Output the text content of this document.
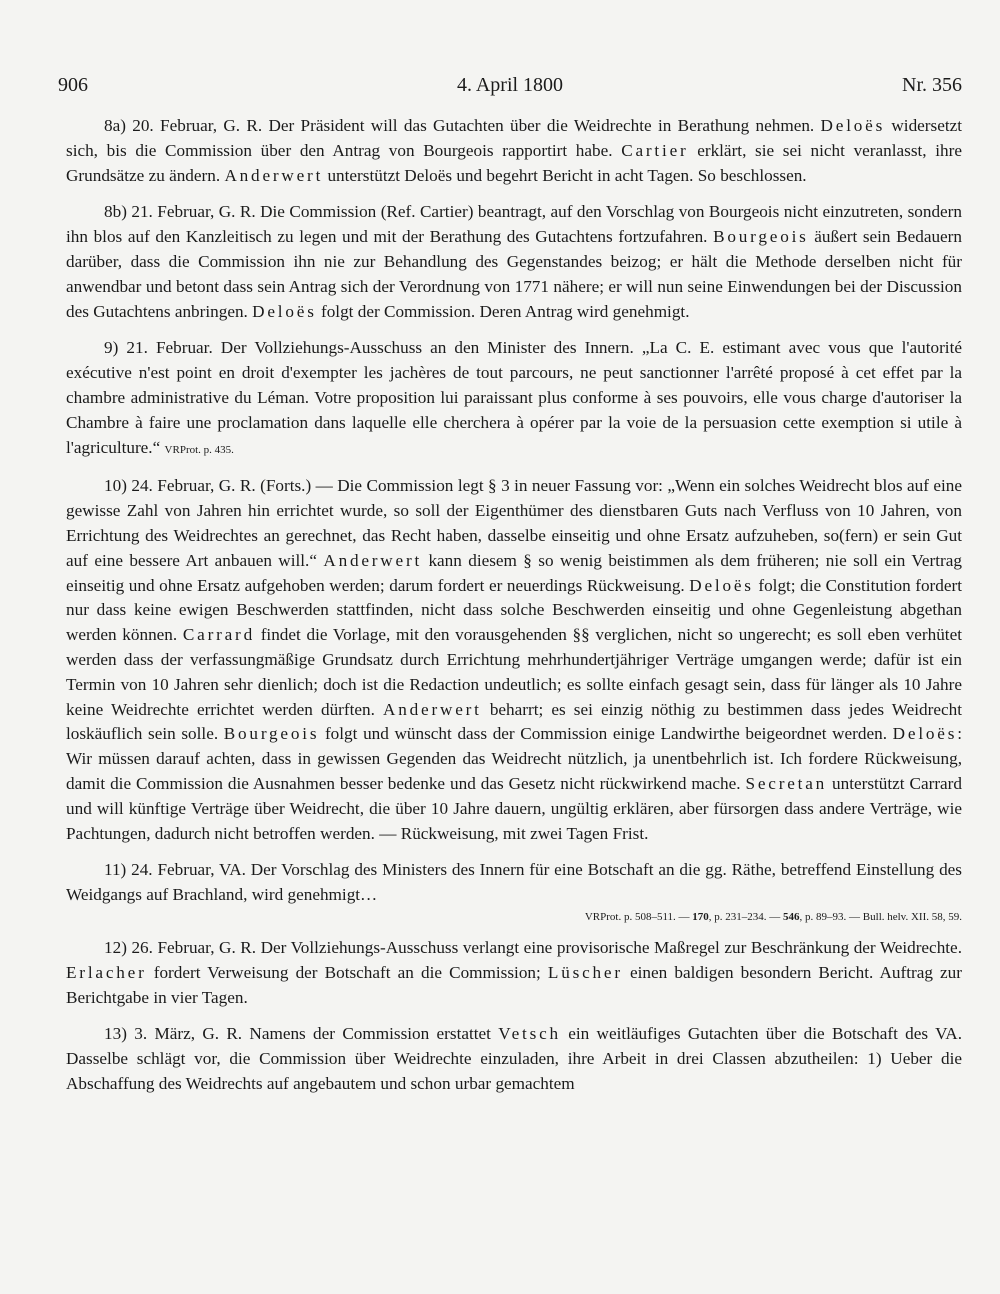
906	4. April 1800	Nr. 356

8a) 20. Februar, G. R. Der Präsident will das Gutachten über die Weidrechte in Berathung nehmen. Deloës widersetzt sich, bis die Commission über den Antrag von Bourgeois rapportirt habe. Cartier erklärt, sie sei nicht veranlasst, ihre Grundsätze zu ändern. Anderwert unterstützt Deloës und begehrt Bericht in acht Tagen. So beschlossen.

8b) 21. Februar, G. R. Die Commission (Ref. Cartier) beantragt, auf den Vorschlag von Bourgeois nicht einzutreten, sondern ihn blos auf den Kanzleitisch zu legen und mit der Berathung des Gutachtens fortzufahren. Bourgeois äußert sein Bedauern darüber, dass die Commission ihn nie zur Behandlung des Gegenstandes beizog; er hält die Methode derselben nicht für anwendbar und betont dass sein Antrag sich der Verordnung von 1771 nähere; er will nun seine Einwendungen bei der Discussion des Gutachtens anbringen. Deloës folgt der Commission. Deren Antrag wird genehmigt.

9) 21. Februar. Der Vollziehungs-Ausschuss an den Minister des Innern. „La C. E. estimant avec vous que l'autorité exécutive n'est point en droit d'exempter les jachères de tout parcours, ne peut sanctionner l'arrêté proposé à cet effet par la chambre administrative du Léman. Votre proposition lui paraissant plus conforme à ses pouvoirs, elle vous charge d'autoriser la Chambre à faire une proclamation dans laquelle elle cherchera à opérer par la voie de la persuasion cette exemption si utile à l'agriculture.“ VRProt. p. 435.

10) 24. Februar, G. R. (Forts.) — Die Commission legt § 3 in neuer Fassung vor: „Wenn ein solches Weidrecht blos auf eine gewisse Zahl von Jahren hin errichtet wurde, so soll der Eigenthümer des dienstbaren Guts nach Verfluss von 10 Jahren, von Errichtung des Weidrechtes an gerechnet, das Recht haben, dasselbe einseitig und ohne Ersatz aufzuheben, so(fern) er sein Gut auf eine bessere Art anbauen will.“ Anderwert kann diesem § so wenig beistimmen als dem früheren; nie soll ein Vertrag einseitig und ohne Ersatz aufgehoben werden; darum fordert er neuerdings Rückweisung. Deloës folgt; die Constitution fordert nur dass keine ewigen Beschwerden stattfinden, nicht dass solche Beschwerden einseitig und ohne Gegenleistung abgethan werden können. Carrard findet die Vorlage, mit den vorausgehenden §§ verglichen, nicht so ungerecht; es soll eben verhütet werden dass der verfassungmäßige Grundsatz durch Errichtung mehrhundertjähriger Verträge umgangen werde; dafür ist ein Termin von 10 Jahren sehr dienlich; doch ist die Redaction undeutlich; es sollte einfach gesagt sein, dass für länger als 10 Jahre keine Weidrechte errichtet werden dürften. Anderwert beharrt; es sei einzig nöthig zu bestimmen dass jedes Weidrecht loskäuflich sein solle. Bourgeois folgt und wünscht dass der Commission einige Landwirthe beigeordnet werden. Deloës: Wir müssen darauf achten, dass in gewissen Gegenden das Weidrecht nützlich, ja unentbehrlich ist. Ich fordere Rückweisung, damit die Commission die Ausnahmen besser bedenke und das Gesetz nicht rückwirkend mache. Secretan unterstützt Carrard und will künftige Verträge über Weidrecht, die über 10 Jahre dauern, ungültig erklären, aber fürsorgen dass andere Verträge, wie Pachtungen, dadurch nicht betroffen werden. — Rückweisung, mit zwei Tagen Frist.

11) 24. Februar, VA. Der Vorschlag des Ministers des Innern für eine Botschaft an die gg. Räthe, betreffend Einstellung des Weidgangs auf Brachland, wird genehmigt…

VRProt. p. 508–511. — 170, p. 231–234. — 546, p. 89–93. — Bull. helv. XII. 58, 59.

12) 26. Februar, G. R. Der Vollziehungs-Ausschuss verlangt eine provisorische Maßregel zur Beschränkung der Weidrechte. Erlacher fordert Verweisung der Botschaft an die Commission; Lüscher einen baldigen besondern Bericht. Auftrag zur Berichtgabe in vier Tagen.

13) 3. März, G. R. Namens der Commission erstattet Vetsch ein weitläufiges Gutachten über die Botschaft des VA. Dasselbe schlägt vor, die Commission über Weidrechte einzuladen, ihre Arbeit in drei Classen abzutheilen: 1) Ueber die Abschaffung des Weidrechts auf angebautem und schon urbar gemachtem
